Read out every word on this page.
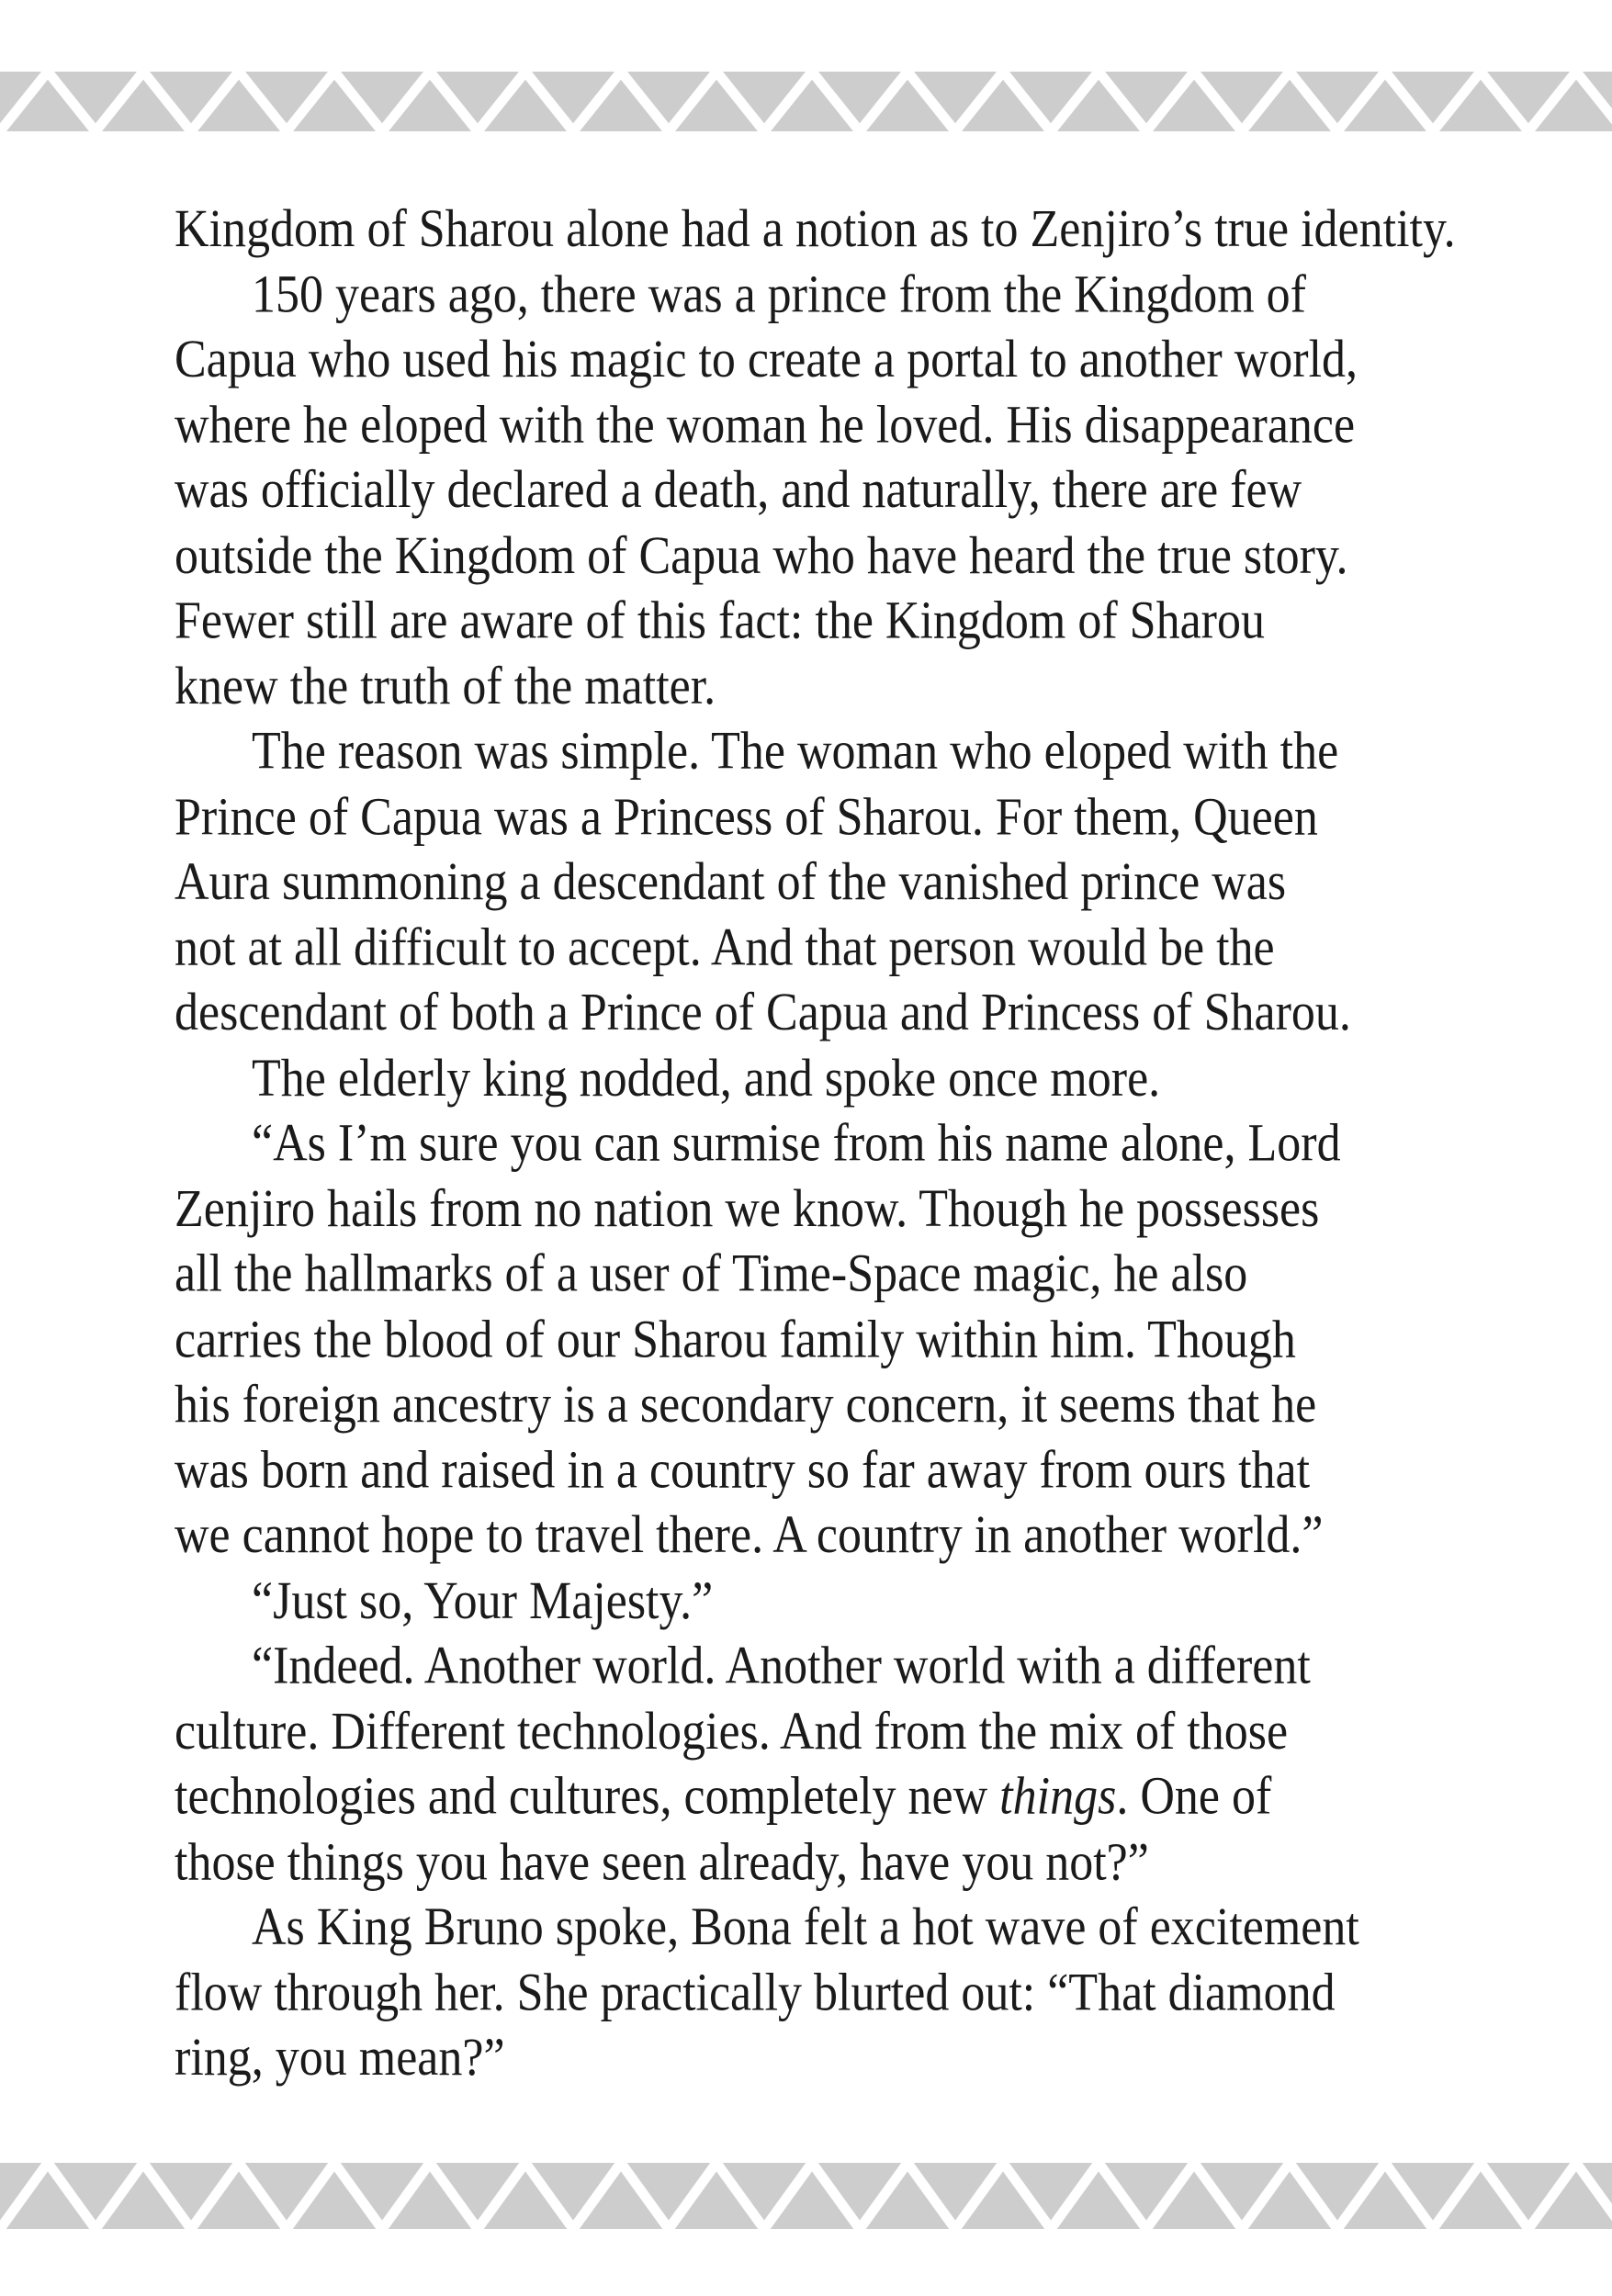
Kingdom of Sharou alone had a notion as to Zenjiro’s true identity.
150 years ago, there was a prince from the Kingdom of
Capua who used his magic to create a portal to another world,
where he eloped with the woman he loved. His disappearance
was officially declared a death, and naturally, there are few
outside the Kingdom of Capua who have heard the true story.
Fewer still are aware of this fact: the Kingdom of Sharou
knew the truth of the matter.
The reason was simple. The woman who eloped with the
Prince of Capua was a Princess of Sharou. For them, Queen
Aura summoning a descendant of the vanished prince was
not at all difficult to accept. And that person would be the
descendant of both a Prince of Capua and Princess of Sharou.
The elderly king nodded, and spoke once more.
“As I’m sure you can surmise from his name alone, Lord
Zenjiro hails from no nation we know. Though he possesses
all the hallmarks of a user of Time-Space magic, he also
carries the blood of our Sharou family within him. Though
his foreign ancestry is a secondary concern, it seems that he
was born and raised in a country so far away from ours that
we cannot hope to travel there. A country in another world.”
“Just so, Your Majesty.”
“Indeed. Another world. Another world with a different
culture. Different technologies. And from the mix of those
technologies and cultures, completely new things. One of
those things you have seen already, have you not?”
As King Bruno spoke, Bona felt a hot wave of excitement
flow through her. She practically blurted out: “That diamond
ring, you mean?”
